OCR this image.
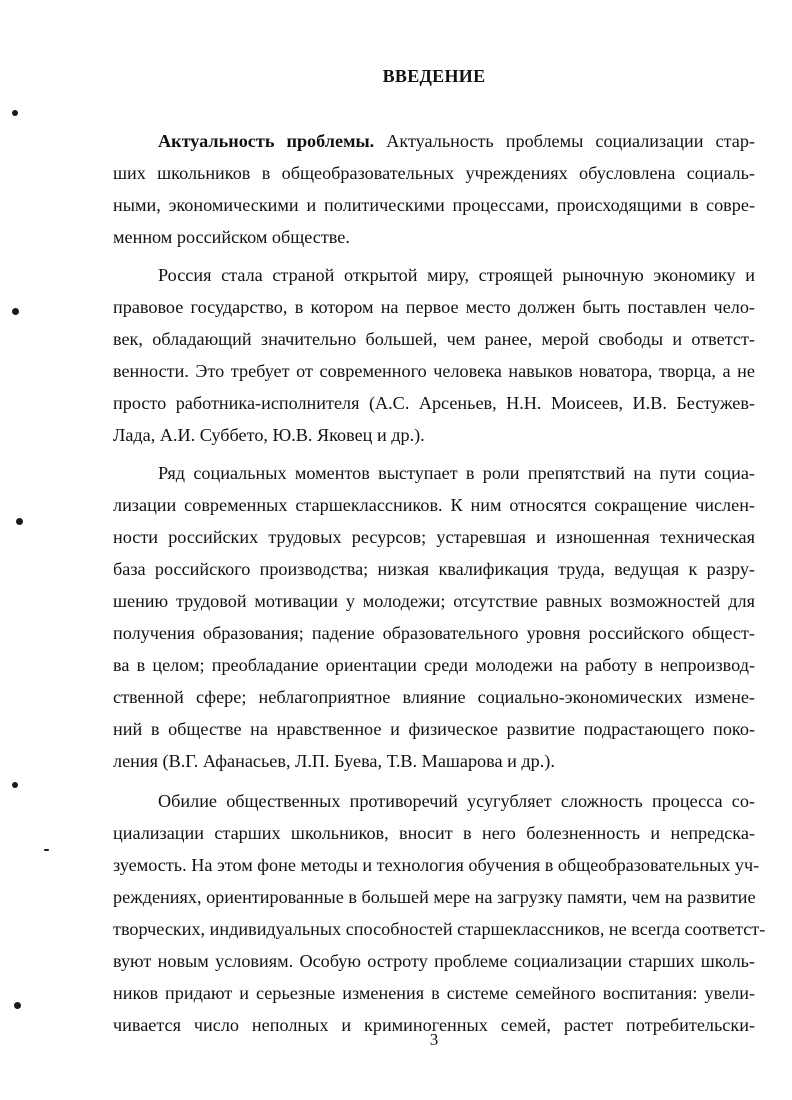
ВВЕДЕНИЕ
Актуальность проблемы. Актуальность проблемы социализации стар-
ших школьников в общеобразовательных учреждениях обусловлена социаль-
ными, экономическими и политическими процессами, происходящими в совре-
менном российском обществе.
Россия стала страной открытой миру, строящей рыночную экономику и
правовое государство, в котором на первое место должен быть поставлен чело-
век, обладающий значительно большей, чем ранее, мерой свободы и ответст-
венности. Это требует от современного человека навыков новатора, творца, а не
просто работника-исполнителя (А.С. Арсеньев, Н.Н. Моисеев, И.В. Бестужев-
Лада, А.И. Суббето, Ю.В. Яковец и др.).
Ряд социальных моментов выступает в роли препятствий на пути социа-
лизации современных старшеклассников. К ним относятся сокращение числен-
ности российских трудовых ресурсов; устаревшая и изношенная техническая
база российского производства; низкая квалификация труда, ведущая к разру-
шению трудовой мотивации у молодежи; отсутствие равных возможностей для
получения образования; падение образовательного уровня российского общест-
ва в целом; преобладание ориентации среди молодежи на работу в непроизвод-
ственной сфере; неблагоприятное влияние социально-экономических измене-
ний в обществе на нравственное и физическое развитие подрастающего поко-
ления (В.Г. Афанасьев, Л.П. Буева, Т.В. Машарова и др.).
Обилие общественных противоречий усугубляет сложность процесса со-
циализации старших школьников, вносит в него болезненность и непредска-
зуемость. На этом фоне методы и технология обучения в общеобразовательных уч-
реждениях, ориентированные в большей мере на загрузку памяти, чем на развитие
творческих, индивидуальных способностей старшеклассников, не всегда соответст-
вуют новым условиям. Особую остроту проблеме социализации старших школь-
ников придают и серьезные изменения в системе семейного воспитания: увели-
чивается число неполных и криминогенных семей, растет потребительски-
3
